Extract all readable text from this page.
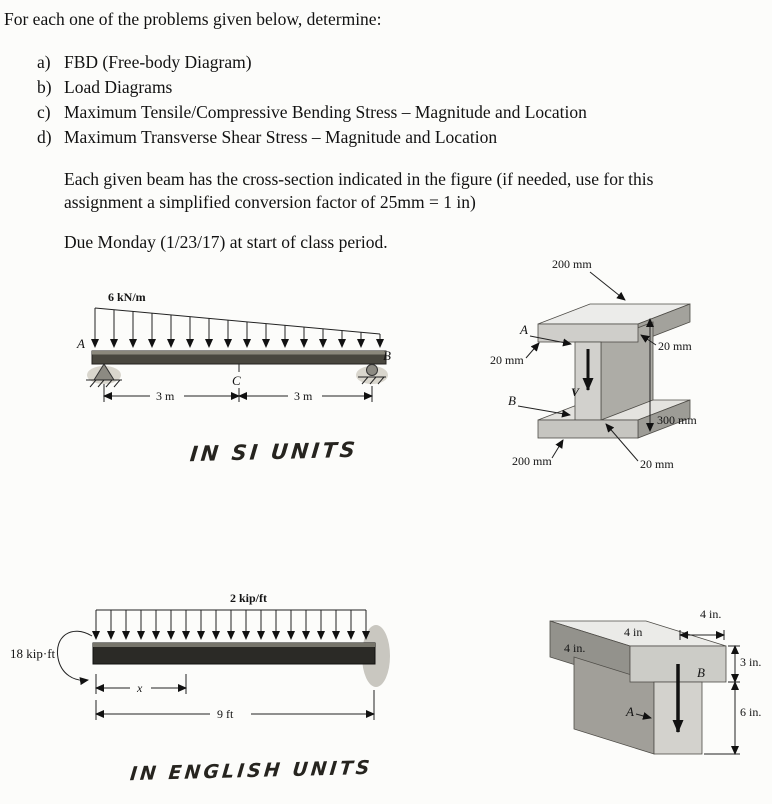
For each one of the problems given below, determine:
a) FBD (Free-body Diagram)
b) Load Diagrams
c) Maximum Tensile/Compressive Bending Stress – Magnitude and Location
d) Maximum Transverse Shear Stress – Magnitude and Location
Each given beam has the cross-section indicated in the figure (if needed, use for this assignment a simplified conversion factor of 25mm = 1 in)
Due Monday (1/23/17) at start of class period.
6 kN/m
A
B
C
3 m	3 m
IN SI UNITS
V
200 mm
A
20 mm
20 mm
B
300 mm
200 mm	20 mm
2 kip/ft
18 kip·ft
x
9 ft
IN ENGLISH UNITS
4 in.
4 in
4 in.
3 in.
B
6 in.
A
